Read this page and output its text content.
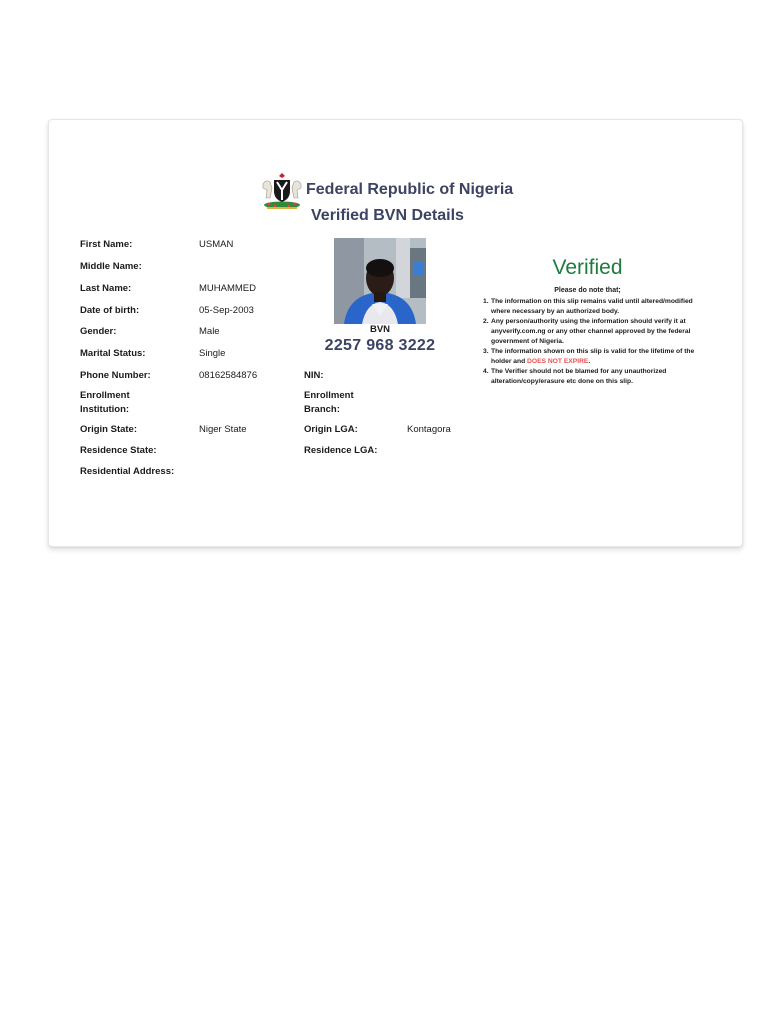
Federal Republic of Nigeria
Verified BVN Details
First Name:	USMAN
Middle Name:
Last Name:	MUHAMMED
Date of birth:	05-Sep-2003
Gender:	Male
Marital Status:	Single
Phone Number:	08162584876	NIN:
Enrollment
Institution:
Enrollment
Branch:
Origin State:	Niger State	Origin LGA:	Kontagora
Residence State:	Residence LGA:
Residential Address:
BVN
2257 968 3222
Verified
Please do note that;
1. The information on this slip remains valid until altered/modified where necessary by an authorized body.
2. Any person/authority using the information should verify it at anyverify.com.ng or any other channel approved by the federal government of Nigeria.
3. The information shown on this slip is valid for the lifetime of the holder and DOES NOT EXPIRE.
4. The Verifier should not be blamed for any unauthorized alteration/copy/erasure etc done on this slip.
